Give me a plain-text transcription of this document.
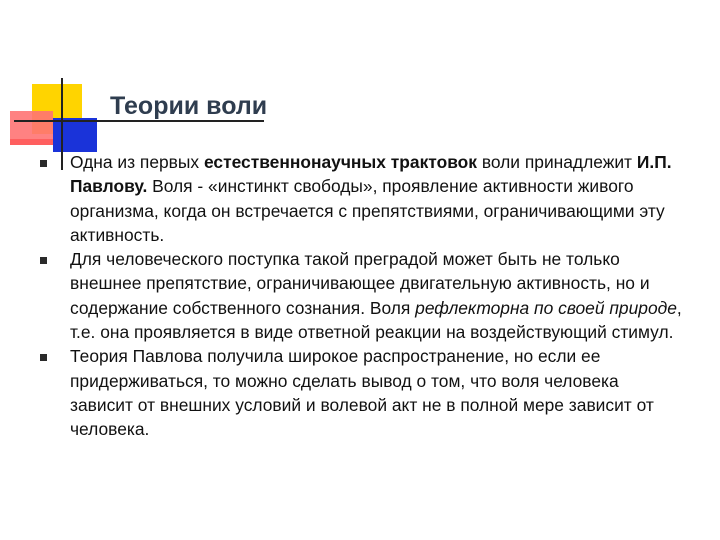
Теории воли
Одна из первых естественнонаучных трактовок воли принадлежит И.П. Павлову. Воля - «инстинкт свободы», проявление активности живого организма, когда он встречается с препятствиями, ограничивающими эту активность.
Для человеческого поступка такой преградой может быть не только внешнее препятствие, ограничивающее двигательную активность, но и содержание собственного сознания. Воля рефлекторна по своей природе, т.е. она проявляется в виде ответной реакции на воздействующий стимул.
Теория Павлова получила широкое распространение, но если ее придерживаться, то можно сделать вывод о том, что воля человека зависит от внешних условий и волевой акт не в полной мере зависит от человека.
